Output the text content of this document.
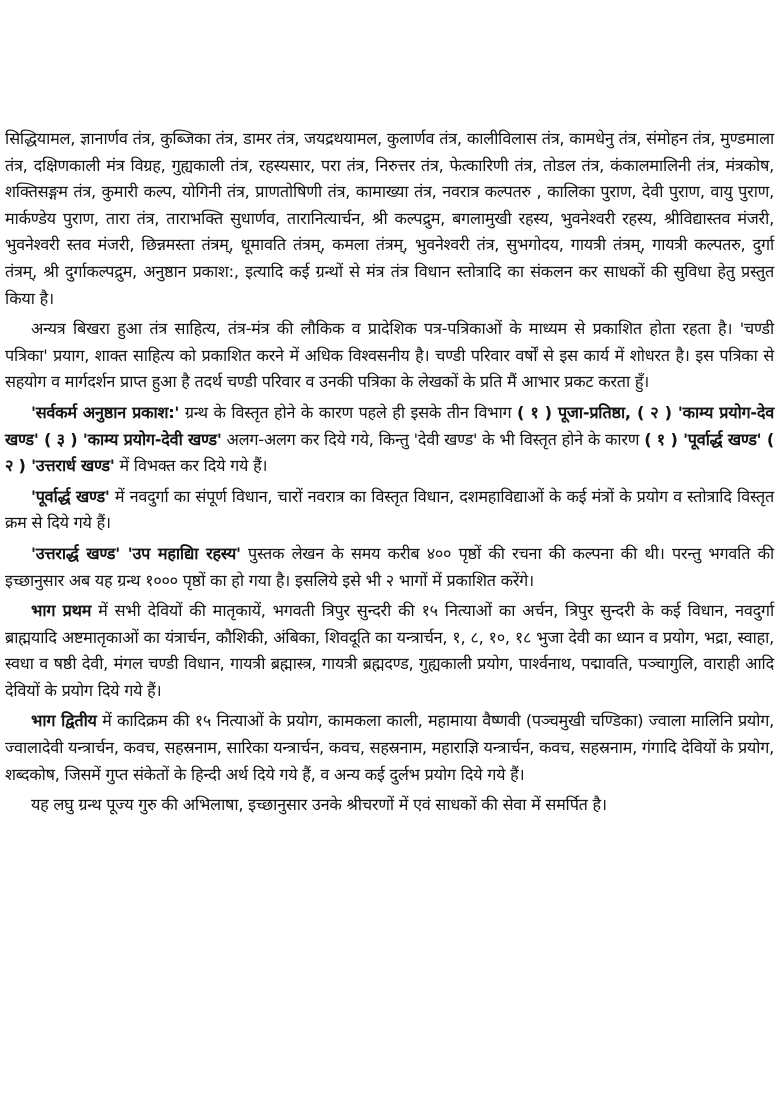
सिद्धियामल, ज्ञानार्णव तंत्र, कुब्जिका तंत्र, डामर तंत्र, जयद्रथयामल, कुलार्णव तंत्र, कालीविलास तंत्र, कामधेनु तंत्र, संमोहन तंत्र, मुण्डमाला तंत्र, दक्षिणकाली मंत्र विग्रह, गुह्यकाली तंत्र, रहस्यसार, परा तंत्र, निरुत्तर तंत्र, फेत्कारिणी तंत्र, तोडल तंत्र, कंकालमालिनी तंत्र, मंत्रकोष, शक्तिसङ्गम तंत्र, कुमारी कल्प, योगिनी तंत्र, प्राणतोषिणी तंत्र, कामाख्या तंत्र, नवरात्र कल्पतरु , कालिका पुराण, देवी पुराण, वायु पुराण, मार्कण्डेय पुराण, तारा तंत्र, ताराभक्ति सुधार्णव, तारानित्यार्चन, श्री कल्पद्रुम, बगलामुखी रहस्य, भुवनेश्वरी रहस्य, श्रीविद्यास्तव मंजरी, भुवनेश्वरी स्तव मंजरी, छिन्नमस्ता तंत्रम्, धूमावति तंत्रम्, कमला तंत्रम्, भुवनेश्वरी तंत्र, सुभगोदय, गायत्री तंत्रम्, गायत्री कल्पतरु, दुर्गा तंत्रम्, श्री दुर्गाकल्पद्रुम, अनुष्ठान प्रकाश:, इत्यादि कई ग्रन्थों से मंत्र तंत्र विधान स्तोत्रादि का संकलन कर साधकों की सुविधा हेतु प्रस्तुत किया है।

अन्यत्र बिखरा हुआ तंत्र साहित्य, तंत्र-मंत्र की लौकिक व प्रादेशिक पत्र-पत्रिकाओं के माध्यम से प्रकाशित होता रहता है। 'चण्डी पत्रिका' प्रयाग, शाक्त साहित्य को प्रकाशित करने में अधिक विश्वसनीय है। चण्डी परिवार वर्षों से इस कार्य में शोधरत है। इस पत्रिका से सहयोग व मार्गदर्शन प्राप्त हुआ है तदर्थ चण्डी परिवार व उनकी पत्रिका के लेखकों के प्रति मैं आभार प्रकट करता हुँ।

'सर्वकर्म अनुष्ठान प्रकाश:' ग्रन्थ के विस्तृत होने के कारण पहले ही इसके तीन विभाग ( १ ) पूजा-प्रतिष्ठा, ( २ ) 'काम्य प्रयोग-देव खण्ड' ( ३ ) 'काम्य प्रयोग-देवी खण्ड' अलग-अलग कर दिये गये, किन्तु 'देवी खण्ड' के भी विस्तृत होने के कारण ( १ ) 'पूर्वार्द्ध खण्ड' ( २ ) 'उत्तरार्ध खण्ड' में विभक्त कर दिये गये हैं।

'पूर्वार्द्ध खण्ड' में नवदुर्गा का संपूर्ण विधान, चारों नवरात्र का विस्तृत विधान, दशमहाविद्याओं के कई मंत्रों के प्रयोग व स्तोत्रादि विस्तृत क्रम से दिये गये हैं।

'उत्तरार्द्ध खण्ड' 'उप महाद्यिा रहस्य' पुस्तक लेखन के समय करीब ४०० पृष्ठों की रचना की कल्पना की थी। परन्तु भगवति की इच्छानुसार अब यह ग्रन्थ १००० पृष्ठों का हो गया है। इसलिये इसे भी २ भागों में प्रकाशित करेंगे।

भाग प्रथम में सभी देवियों की मातृकायें, भगवती त्रिपुर सुन्दरी की १५ नित्याओं का अर्चन, त्रिपुर सुन्दरी के कई विधान, नवदुर्गा ब्राह्मयादि अष्टमातृकाओं का यंत्रार्चन, कौशिकी, अंबिका, शिवदूति का यन्त्रार्चन, १, ८, १०, १८ भुजा देवी का ध्यान व प्रयोग, भद्रा, स्वाहा, स्वधा व षष्ठी देवी, मंगल चण्डी विधान, गायत्री ब्रह्मास्त्र, गायत्री ब्रह्मदण्ड, गुह्यकाली प्रयोग, पार्श्वनाथ, पद्मावति, पञ्चागुलि, वाराही आदि देवियों के प्रयोग दिये गये हैं।

भाग द्वितीय में कादिक्रम की १५ नित्याओं के प्रयोग, कामकला काली, महामाया वैष्णवी (पञ्चमुखी चण्डिका) ज्वाला मालिनि प्रयोग, ज्वालादेवी यन्त्रार्चन, कवच, सहस्रनाम, सारिका यन्त्रार्चन, कवच, सहस्रनाम, महाराज्ञि यन्त्रार्चन, कवच, सहस्रनाम, गंगादि देवियों के प्रयोग, शब्दकोष, जिसमें गुप्त संकेतों के हिन्दी अर्थ दिये गये हैं, व अन्य कई दुर्लभ प्रयोग दिये गये हैं।

यह लघु ग्रन्थ पूज्य गुरु की अभिलाषा, इच्छानुसार उनके श्रीचरणों में एवं साधकों की सेवा में समर्पित है।
